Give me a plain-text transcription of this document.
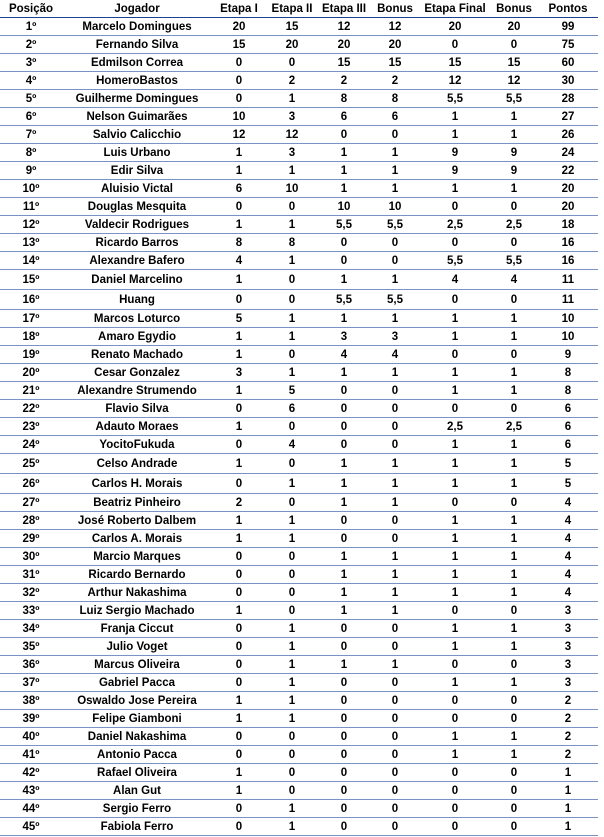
Posição	Jogador	Etapa I	Etapa II	Etapa III	Bonus	Etapa Final	Bonus	Pontos
1º	Marcelo Domingues	20	15	12	12	20	20	99
2º	Fernando Silva	15	20	20	20	0	0	75
3º	Edmilson Correa	0	0	15	15	15	15	60
4º	HomeroBastos	0	2	2	2	12	12	30
5º	Guilherme Domingues	0	1	8	8	5,5	5,5	28
6º	Nelson Guimarães	10	3	6	6	1	1	27
7º	Salvio Calicchio	12	12	0	0	1	1	26
8º	Luis Urbano	1	3	1	1	9	9	24
9º	Edir Silva	1	1	1	1	9	9	22
10º	Aluisio Victal	6	10	1	1	1	1	20
11º	Douglas Mesquita	0	0	10	10	0	0	20
12º	Valdecir Rodrigues	1	1	5,5	5,5	2,5	2,5	18
13º	Ricardo Barros	8	8	0	0	0	0	16
14º	Alexandre Bafero	4	1	0	0	5,5	5,5	16
15º	Daniel Marcelino	1	0	1	1	4	4	11
16º	Huang	0	0	5,5	5,5	0	0	11
17º	Marcos Loturco	5	1	1	1	1	1	10
18º	Amaro Egydio	1	1	3	3	1	1	10
19º	Renato Machado	1	0	4	4	0	0	9
20º	Cesar Gonzalez	3	1	1	1	1	1	8
21º	Alexandre Strumendo	1	5	0	0	1	1	8
22º	Flavio Silva	0	6	0	0	0	0	6
23º	Adauto Moraes	1	0	0	0	2,5	2,5	6
24º	YocitoFukuda	0	4	0	0	1	1	6
25º	Celso Andrade	1	0	1	1	1	1	5
26º	Carlos H. Morais	0	1	1	1	1	1	5
27º	Beatriz Pinheiro	2	0	1	1	0	0	4
28º	José Roberto Dalbem	1	1	0	0	1	1	4
29º	Carlos A. Morais	1	1	0	0	1	1	4
30º	Marcio Marques	0	0	1	1	1	1	4
31º	Ricardo Bernardo	0	0	1	1	1	1	4
32º	Arthur Nakashima	0	0	1	1	1	1	4
33º	Luiz Sergio Machado	1	0	1	1	0	0	3
34º	Franja Ciccut	0	1	0	0	1	1	3
35º	Julio Voget	0	1	0	0	1	1	3
36º	Marcus Oliveira	0	1	1	1	0	0	3
37º	Gabriel Pacca	0	1	0	0	1	1	3
38º	Oswaldo Jose Pereira	1	1	0	0	0	0	2
39º	Felipe Giamboni	1	1	0	0	0	0	2
40º	Daniel Nakashima	0	0	0	0	1	1	2
41º	Antonio Pacca	0	0	0	0	1	1	2
42º	Rafael Oliveira	1	0	0	0	0	0	1
43º	Alan Gut	1	0	0	0	0	0	1
44º	Sergio Ferro	0	1	0	0	0	0	1
45º	Fabiola Ferro	0	1	0	0	0	0	1
